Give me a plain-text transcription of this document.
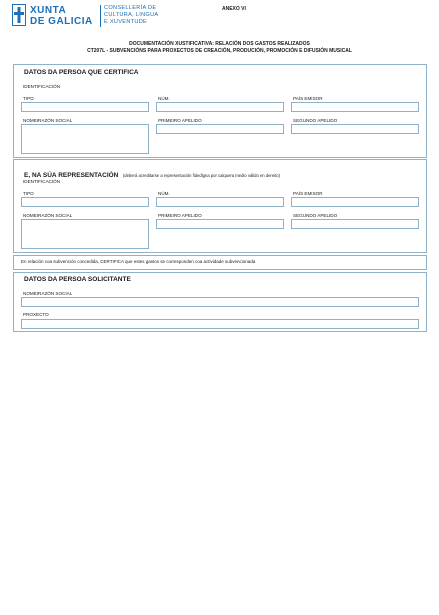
XUNTA
DE GALICIA
CONSELLERÍA DE
CULTURA, LINGUA
E XUVENTUDE
ANEXO VI
DOCUMENTACIÓN XUSTIFICATIVA: RELACIÓN DOS GASTOS REALIZADOS
CT207L - SUBVENCIÓNS PARA PROXECTOS DE CREACIÓN, PRODUCIÓN, PROMOCIÓN E DIFUSIÓN MUSICAL
DATOS DA PERSOA QUE CERTIFICA
IDENTIFICACIÓN
TIPO	NÚM.	PAÍS EMISOR
NOMEIRAZÓN SOCIAL	PRIMEIRO APELIDO	SEGUNDO APELIDO
E, NA SÚA REPRESENTACIÓN (deberá acreditarse a representación fidedigna por calquera medio válido en dereito)
IDENTIFICACIÓN
TIPO	NÚM.	PAÍS EMISOR
NOMEIRAZÓN SOCIAL	PRIMEIRO APELIDO	SEGUNDO APELIDO
En relación coa subvención concedida, CERTIFICA que estes gastos se corresponden coa actividade subvencionada
DATOS DA PERSOA SOLICITANTE
NOMEIRAZÓN SOCIAL
PROXECTO
